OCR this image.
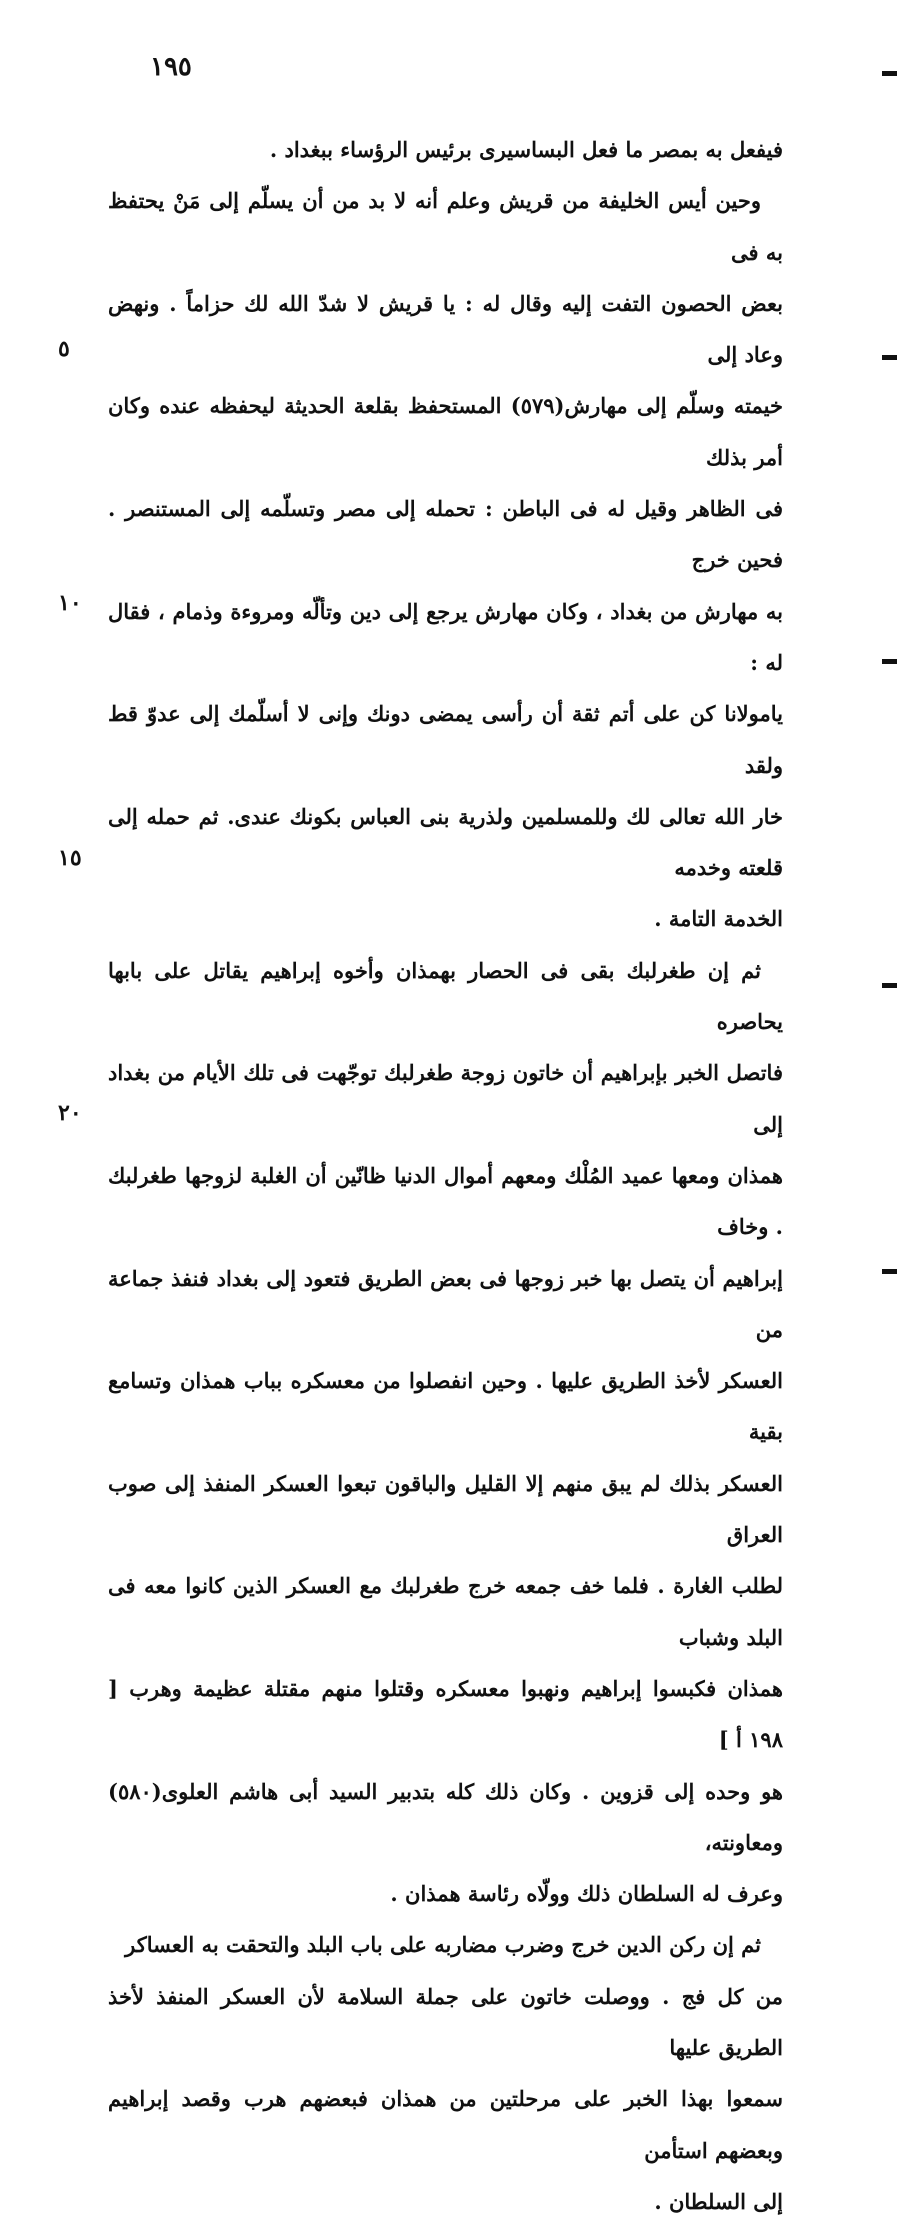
١٩٥

فيفعل به بمصر ما فعل البساسيرى برئيس الرؤساء ببغداد .

وحين أيس الخليفة من قريش وعلم أنه لا بد من أن يسلّم إلى مَنْ يحتفظ به فى

بعض الحصون التفت إليه وقال له : يا قريش لا شدّ الله لك حزاماً . ونهض وعاد إلى

خيمته وسلّم إلى مهارش(٥٧٩) المستحفظ بقلعة الحديثة ليحفظه عنده وكان أمر بذلك

فى الظاهر وقيل له فى الباطن : تحمله إلى مصر وتسلّمه إلى المستنصر . فحين خرج

به مهارش من بغداد ، وكان مهارش يرجع إلى دين وتألّه ومروءة وذمام ، فقال له :

يامولانا كن على أتم ثقة أن رأسى يمضى دونك وإنى لا أسلّمك إلى عدوّ قط ولقد

خار الله تعالى لك وللمسلمين ولذرية بنى العباس بكونك عندى. ثم حمله إلى قلعته وخدمه

الخدمة التامة .

ثم إن طغرلبك بقى فى الحصار بهمذان وأخوه إبراهيم يقاتل على بابها يحاصره

فاتصل الخبر بإبراهيم أن خاتون زوجة طغرلبك توجّهت فى تلك الأيام من بغداد إلى

همذان ومعها عميد المُلْك ومعهم أموال الدنيا ظانّين أن الغلبة لزوجها طغرلبك . وخاف

إبراهيم أن يتصل بها خبر زوجها فى بعض الطريق فتعود إلى بغداد فنفذ جماعة من

العسكر لأخذ الطريق عليها . وحين انفصلوا من معسكره بباب همذان وتسامع بقية

العسكر بذلك لم يبق منهم إلا القليل والباقون تبعوا العسكر المنفذ إلى صوب العراق

لطلب الغارة . فلما خف جمعه خرج طغرلبك مع العسكر الذين كانوا معه فى البلد وشباب

همذان فكبسوا إبراهيم ونهبوا معسكره وقتلوا منهم مقتلة عظيمة وهرب [ ١٩٨ أ ]

هو وحده إلى قزوين . وكان ذلك كله بتدبير السيد أبى هاشم العلوى(٥٨٠) ومعاونته،

وعرف له السلطان ذلك وولّاه رئاسة همذان .

ثم إن ركن الدين خرج وضرب مضاربه على باب البلد والتحقت به العساكر

من كل فج . ووصلت خاتون على جملة السلامة لأن العسكر المنفذ لأخذ الطريق عليها

سمعوا بهذا الخبر على مرحلتين من همذان فبعضهم هرب وقصد إبراهيم وبعضهم استأمن

إلى السلطان .

٥
١٠
١٥
٢٠
